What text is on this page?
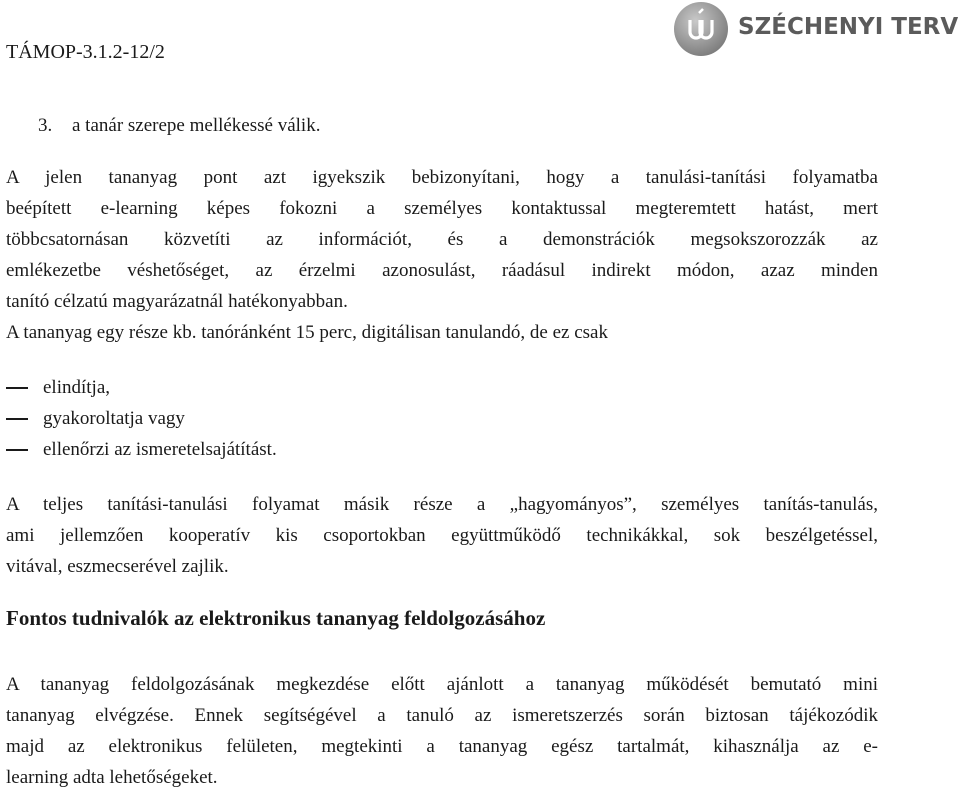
TÁMOP-3.1.2-12/2
SZÉCHENYI TERV
3. a tanár szerepe mellékessé válik.
A jelen tananyag pont azt igyekszik bebizonyítani, hogy a tanulási-tanítási folyamatba
beépített e-learning képes fokozni a személyes kontaktussal megteremtett hatást, mert
többcsatornásan közvetíti az információt, és a demonstrációk megsokszorozzák az
emlékezetbe véshetőséget, az érzelmi azonosulást, ráadásul indirekt módon, azaz minden
tanító célzatú magyarázatnál hatékonyabban.
A tananyag egy része kb. tanóránként 15 perc, digitálisan tanulandó, de ez csak
elindítja,
gyakoroltatja vagy
ellenőrzi az ismeretelsajátítást.
A teljes tanítási-tanulási folyamat másik része a „hagyományos”, személyes tanítás-tanulás,
ami jellemzően kooperatív kis csoportokban együttműködő technikákkal, sok beszélgetéssel,
vitával, eszmecserével zajlik.
Fontos tudnivalók az elektronikus tananyag feldolgozásához
A tananyag feldolgozásának megkezdése előtt ajánlott a tananyag működését bemutató mini
tananyag elvégzése. Ennek segítségével a tanuló az ismeretszerzés során biztosan tájékozódik
majd az elektronikus felületen, megtekinti a tananyag egész tartalmát, kihasználja az e-
learning adta lehetőségeket.
